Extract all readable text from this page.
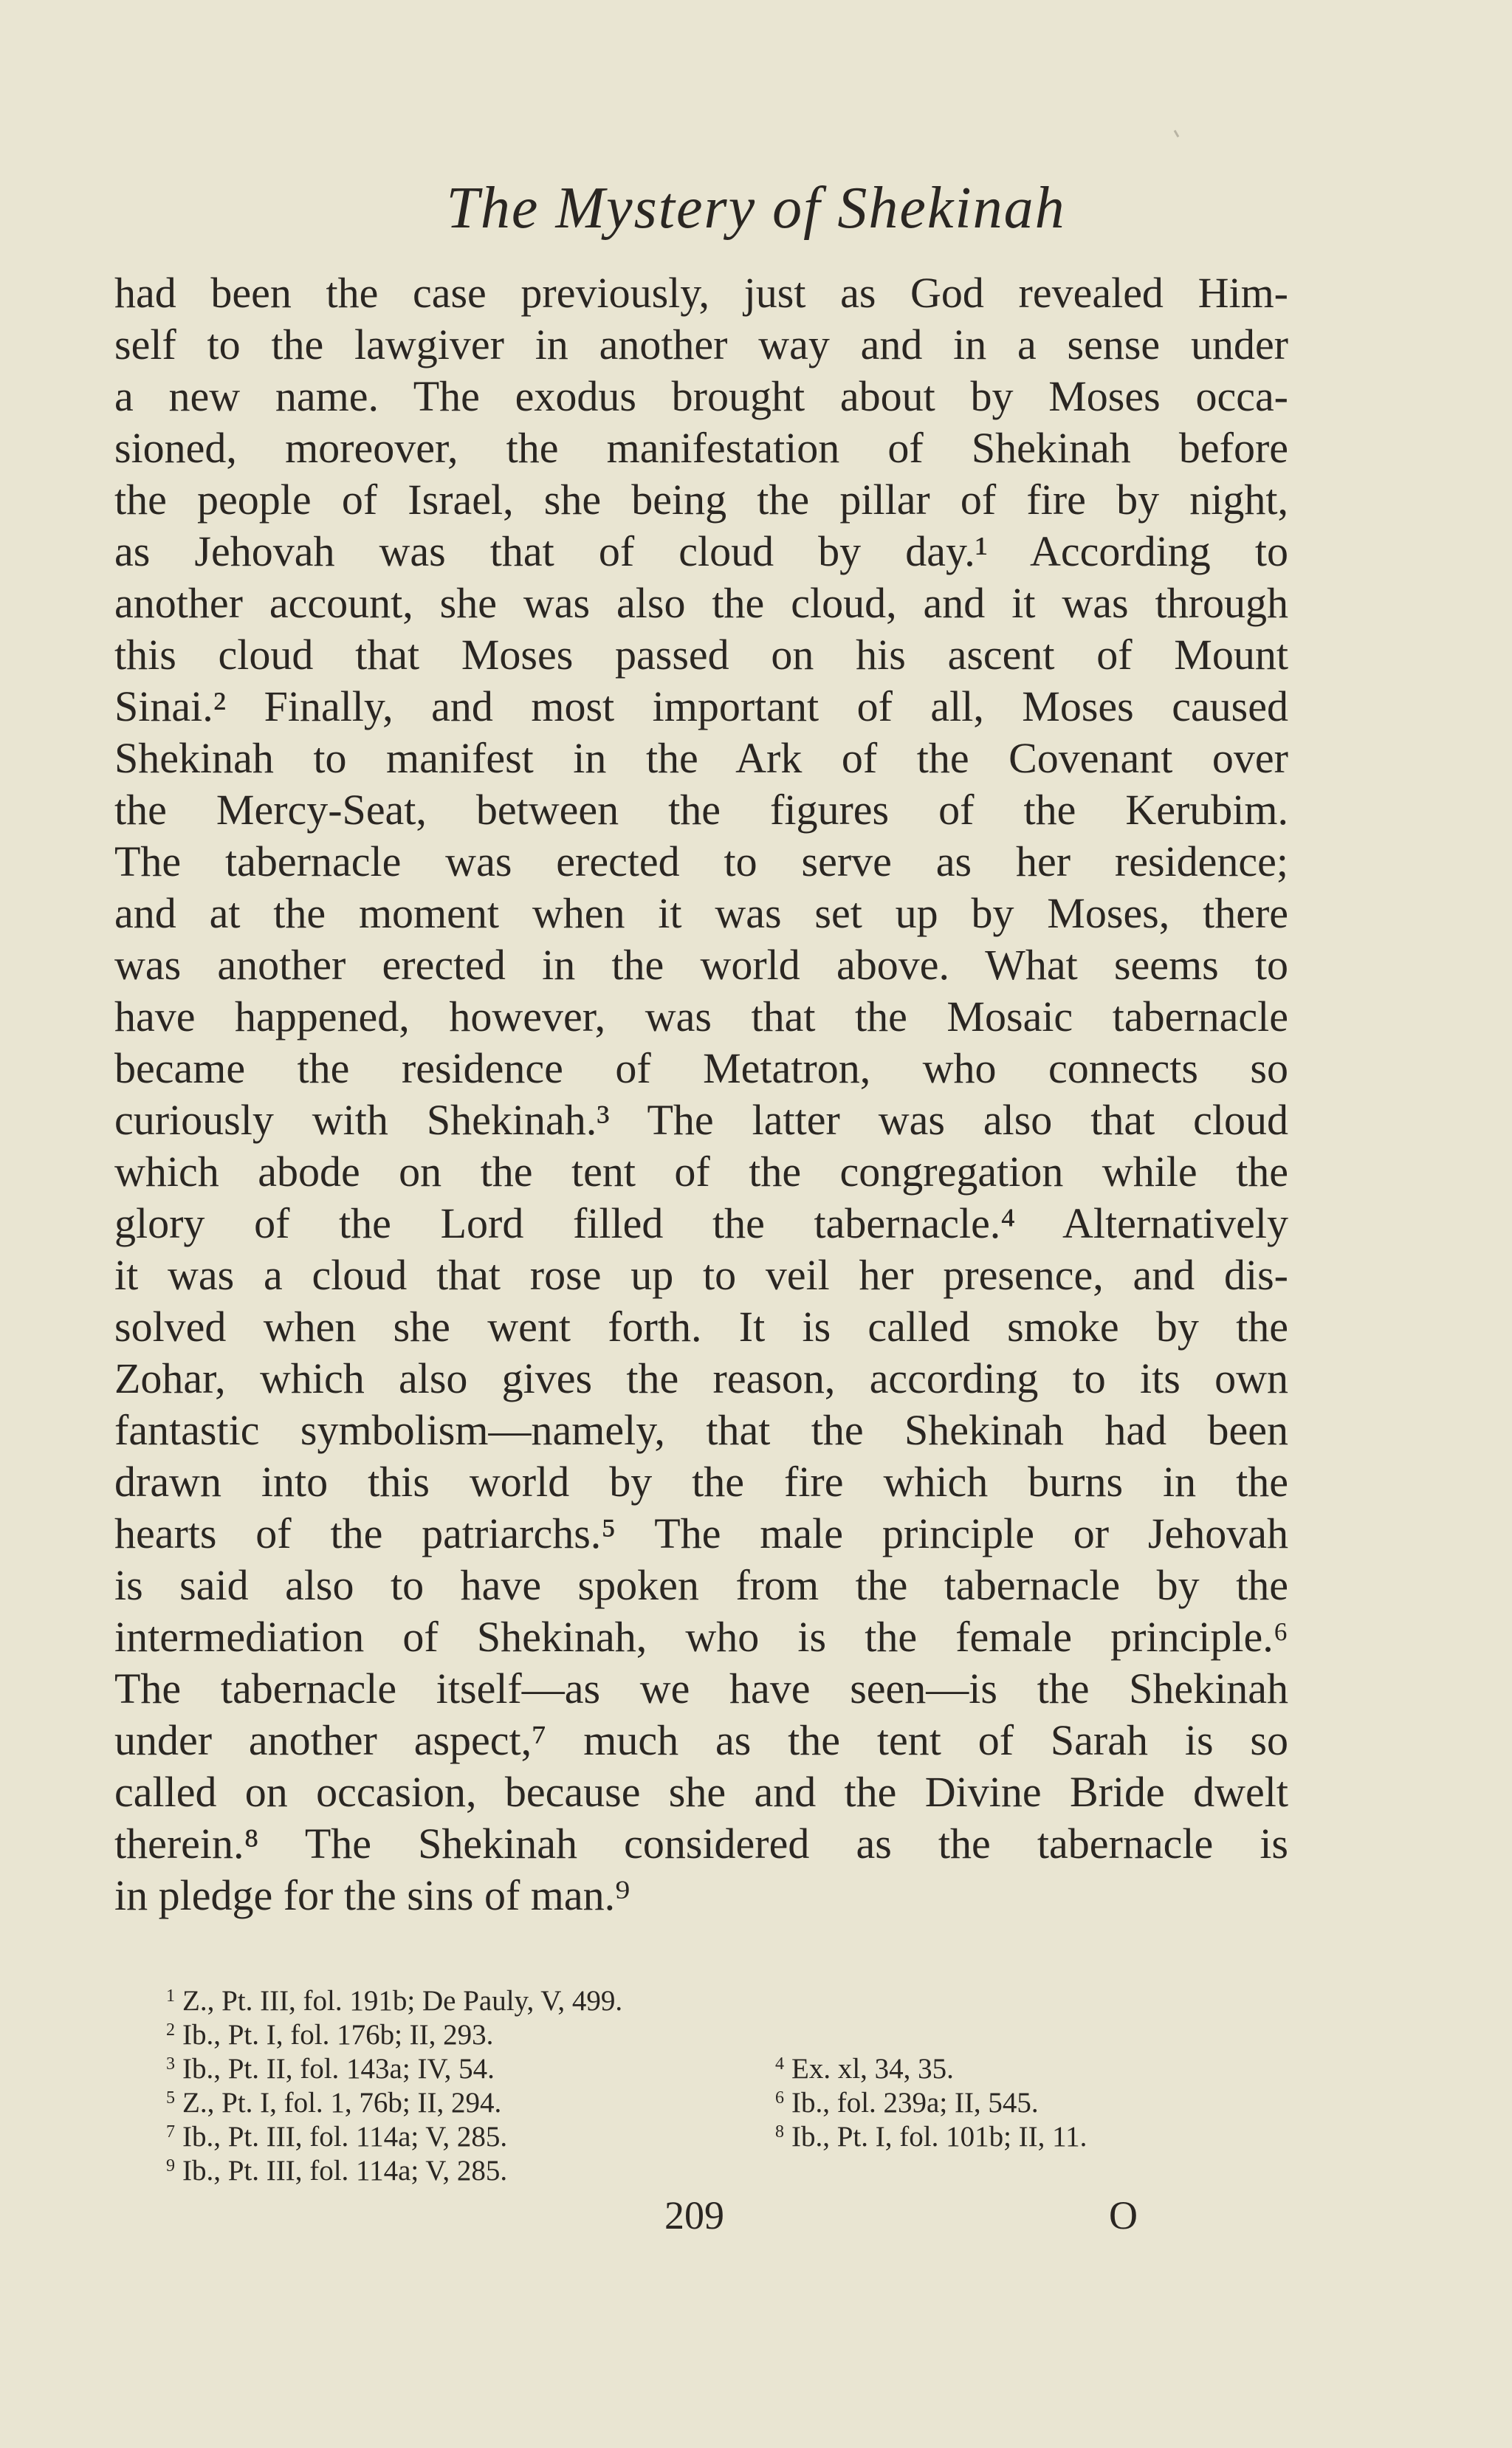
The Mystery of Shekinah
had been the case previously, just as God revealed Him-
self to the lawgiver in another way and in a sense under
a new name. The exodus brought about by Moses occa-
sioned, moreover, the manifestation of Shekinah before
the people of Israel, she being the pillar of fire by night,
as Jehovah was that of cloud by day.¹ According to
another account, she was also the cloud, and it was through
this cloud that Moses passed on his ascent of Mount
Sinai.² Finally, and most important of all, Moses caused
Shekinah to manifest in the Ark of the Covenant over
the Mercy-Seat, between the figures of the Kerubim.
The tabernacle was erected to serve as her residence;
and at the moment when it was set up by Moses, there
was another erected in the world above. What seems to
have happened, however, was that the Mosaic tabernacle
became the residence of Metatron, who connects so
curiously with Shekinah.³ The latter was also that cloud
which abode on the tent of the congregation while the
glory of the Lord filled the tabernacle.⁴ Alternatively
it was a cloud that rose up to veil her presence, and dis-
solved when she went forth. It is called smoke by the
Zohar, which also gives the reason, according to its own
fantastic symbolism—namely, that the Shekinah had been
drawn into this world by the fire which burns in the
hearts of the patriarchs.⁵ The male principle or Jehovah
is said also to have spoken from the tabernacle by the
intermediation of Shekinah, who is the female principle.⁶
The tabernacle itself—as we have seen—is the Shekinah
under another aspect,⁷ much as the tent of Sarah is so
called on occasion, because she and the Divine Bride dwelt
therein.⁸ The Shekinah considered as the tabernacle is
in pledge for the sins of man.⁹
$^1$ Z., Pt. III, fol. 191b; De Pauly, V, 499.
$^2$ Ib., Pt. I, fol. 176b; II, 293.
$^3$ Ib., Pt. II, fol. 143a; IV, 54.	$^4$ Ex. xl, 34, 35.
$^5$ Z., Pt. I, fol. 1, 76b; II, 294.	$^6$ Ib., fol. 239a; II, 545.
$^7$ Ib., Pt. III, fol. 114a; V, 285.	$^8$ Ib., Pt. I, fol. 101b; II, 11.
$^9$ Ib., Pt. III, fol. 114a; V, 285.
209	O
